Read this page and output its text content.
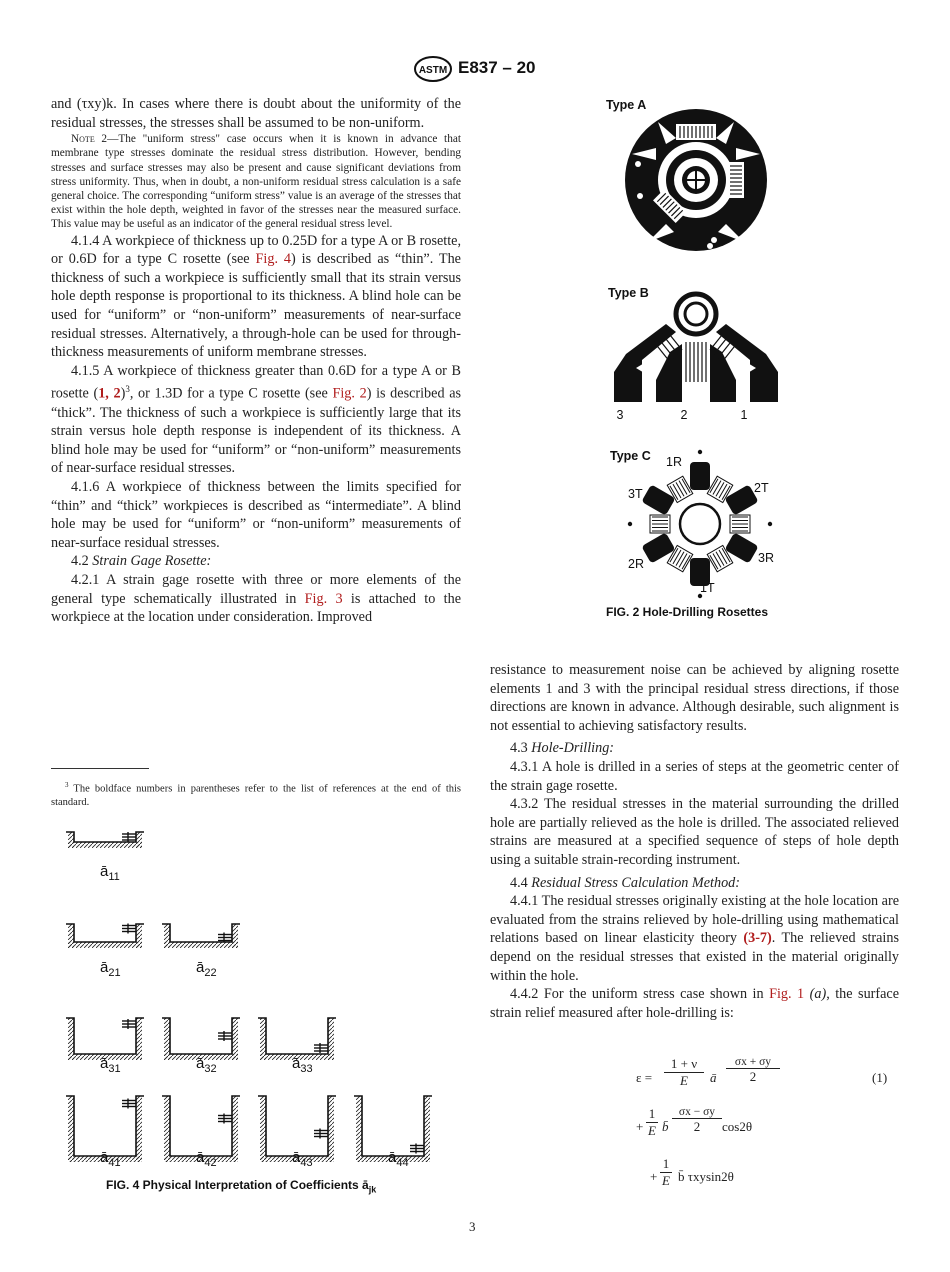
ASTM E837 – 20

and (τxy)k. In cases where there is doubt about the uniformity of the residual stresses, the stresses shall be assumed to be non-uniform.

Note 2—The "uniform stress" case occurs when it is known in advance that membrane type stresses dominate the residual stress distribution. However, bending stresses and surface stresses may also be present and cause significant deviations from stress uniformity. Thus, when in doubt, a non-uniform residual stress calculation is a safe general choice. The corresponding “uniform stress” value is an average of the stresses that exist within the hole depth, weighted in favor of the stresses near the measured surface. This value may be useful as an indicator of the general residual stress level.

4.1.4 A workpiece of thickness up to 0.25D for a type A or B rosette, or 0.6D for a type C rosette (see Fig. 4) is described as “thin”. The thickness of such a workpiece is sufficiently small that its strain versus hole depth response is proportional to its thickness. A blind hole can be used for “uniform” or “non-uniform” measurements of near-surface residual stresses. Alternatively, a through-hole can be used for through-thickness measurements of uniform membrane stresses.

4.1.5 A workpiece of thickness greater than 0.6D for a type A or B rosette (1, 2)$^3$, or 1.3D for a type C rosette (see Fig. 2) is described as “thick”. The thickness of such a workpiece is sufficiently large that its strain versus hole depth response is independent of its thickness. A blind hole may be used for “uniform” or “non-uniform” measurements of near-surface residual stresses.

4.1.6 A workpiece of thickness between the limits specified for “thin” and “thick” workpieces is described as “intermediate”. A blind hole may be used for “uniform” or “non-uniform” measurements of near-surface residual stresses.

4.2 Strain Gage Rosette:

4.2.1 A strain gage rosette with three or more elements of the general type schematically illustrated in Fig. 3 is attached to the workpiece at the location under consideration. Improved

$^3$ The boldface numbers in parentheses refer to the list of references at the end of this standard.
$ā_{11}$
$ā_{21}$	$ā_{22}$
$ā_{31}$	$ā_{32}$	$ā_{33}$
$ā_{41}$	$ā_{42}$	$ā_{43}$	$ā_{44}$
FIG. 4 Physical Interpretation of Coefficients $ā_{jk}$
Type A
Type B
Type C
3	2	1
1R
2T
3T
3R
2R
1T
FIG. 2 Hole-Drilling Rosettes

resistance to measurement noise can be achieved by aligning rosette elements 1 and 3 with the principal residual stress directions, if those directions are known in advance. Although desirable, such alignment is not essential to achieving satisfactory results.

4.3 Hole-Drilling:

4.3.1 A hole is drilled in a series of steps at the geometric center of the strain gage rosette.

4.3.2 The residual stresses in the material surrounding the drilled hole are partially relieved as the hole is drilled. The associated relieved strains are measured at a specified sequence of steps of hole depth using a suitable strain-recording instrument.

4.4 Residual Stress Calculation Method:

4.4.1 The residual stresses originally existing at the hole location are evaluated from the strains relieved by hole-drilling using mathematical relations based on linear elasticity theory (3-7). The relieved strains depend on the residual stresses that existed in the material originally within the hole.

4.4.2 For the uniform stress case shown in Fig. 1 (a), the surface strain relief measured after hole-drilling is:

ε =
1 + ν
E	ā
σx + σy
2	(1)
+
1
E b̄
σx − σy
2	cos2θ
+
1
E b̄ τxysin2θ
3
